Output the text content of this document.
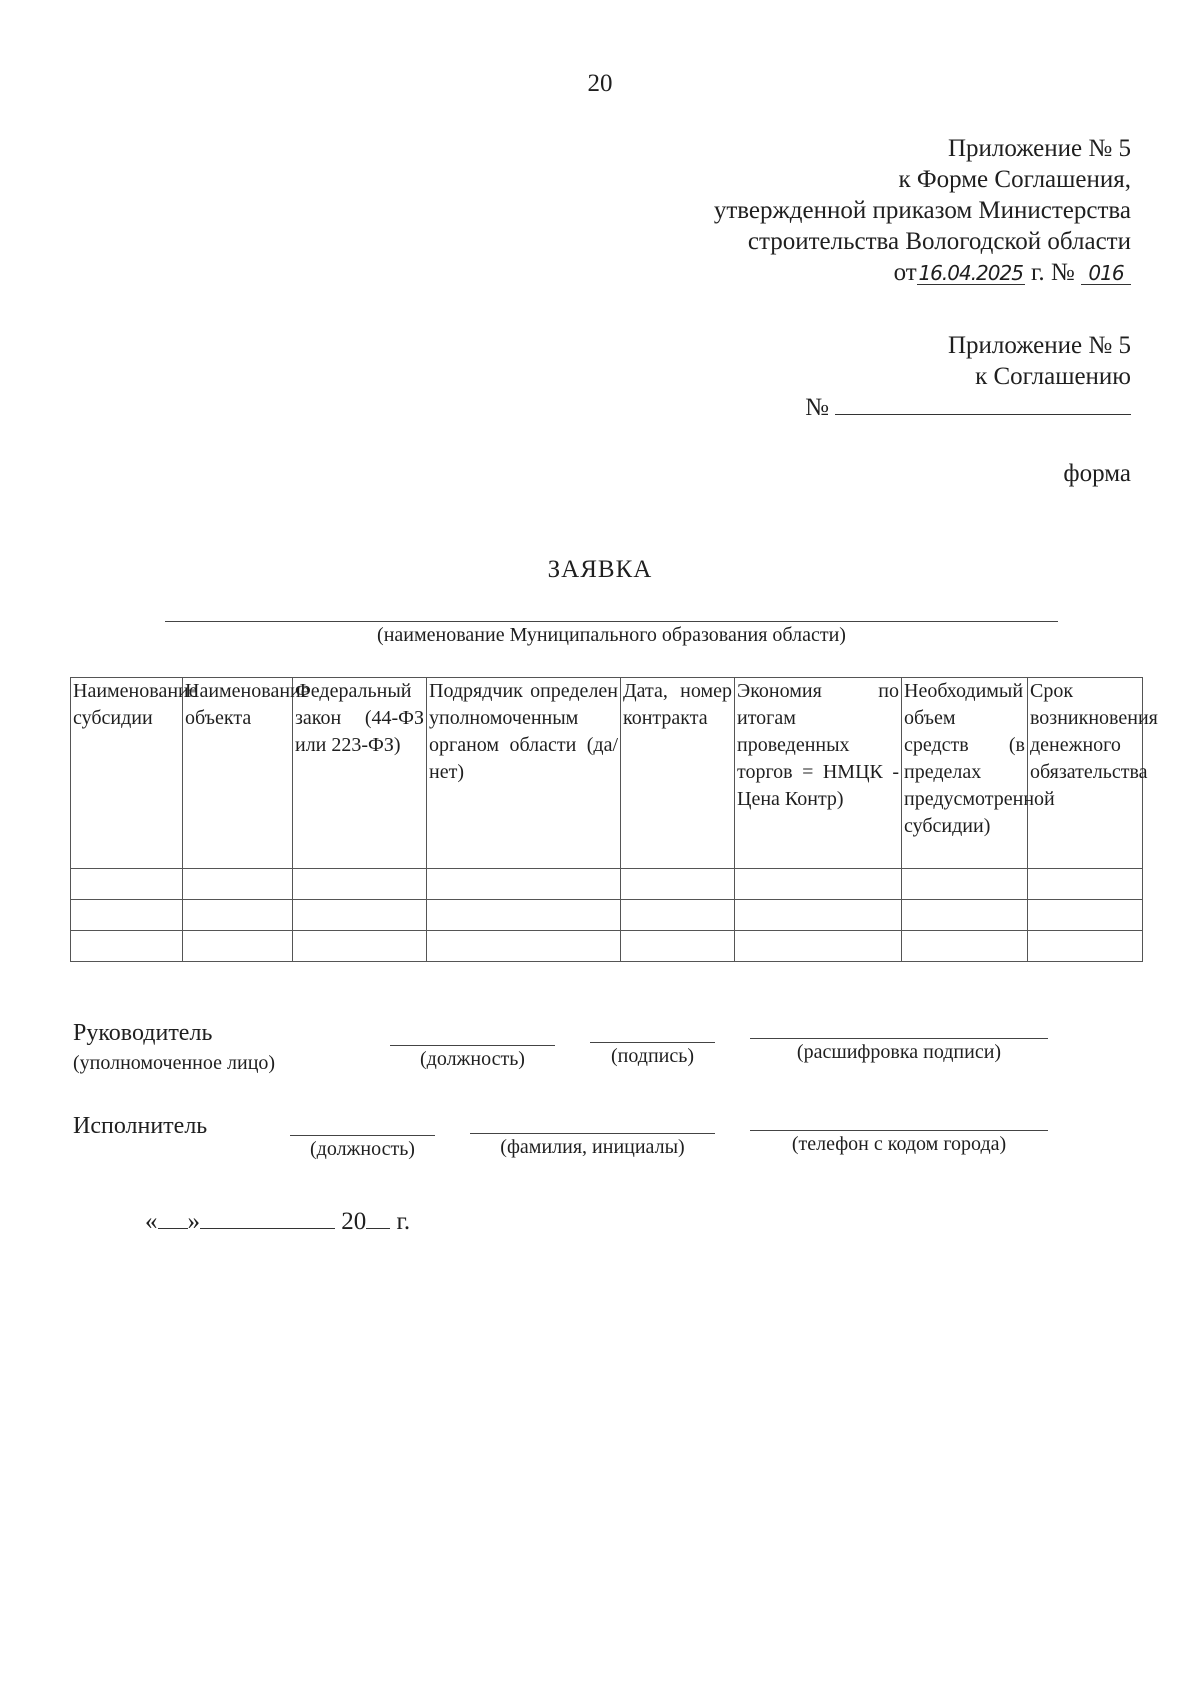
20
Приложение № 5
к Форме Соглашения,
утвержденной приказом Министерства
строительства Вологодской области
от16.04.2025 г. № 016
Приложение № 5
к Соглашению
№
форма
ЗАЯВКА
(наименование Муниципального образования области)
Наименование субсидии	Наименование объекта	Федеральный закон (44-ФЗ или 223-ФЗ)	Подрядчик определен уполномоченным органом области (да/нет)	Дата, номер контракта	Экономия по итогам проведенных торгов = НМЦК - Цена Контр)	Необходимый объем средств (в пределах предусмотренной субсидии)	Срок возникновения денежного обязательства

Руководитель
(уполномоченное лицо)	(должность)	(подпись)	(расшифровка подписи)
Исполнитель
(должность)	(фамилия, инициалы)	(телефон с кодом города)
« »	20 г.
